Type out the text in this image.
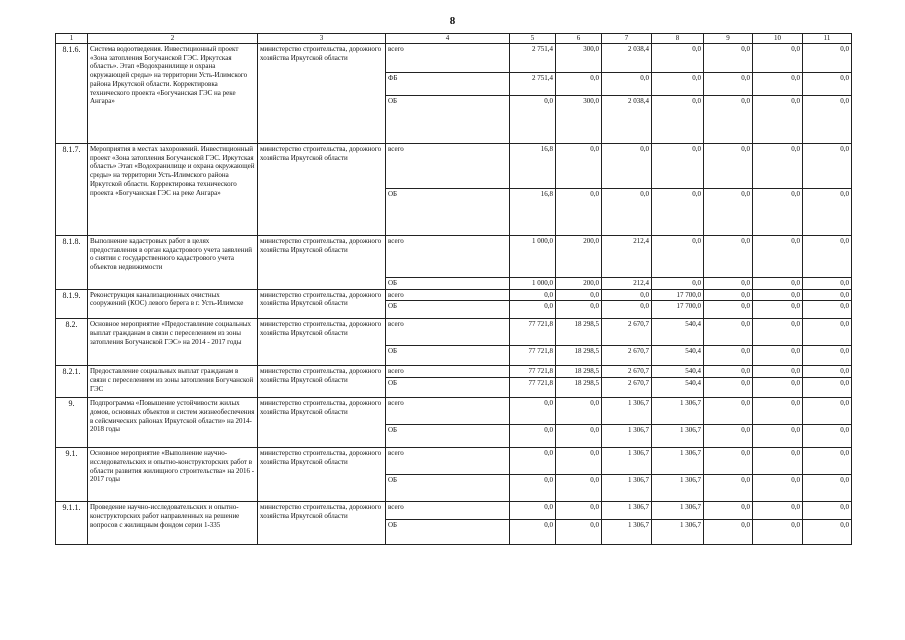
8
1	2	3	4	5	6	7	8	9	10	11
8.1.6.	Система водоотведения. Инвестиционный проект «Зона затопления Богучанской ГЭС. Иркутская область». Этап «Водохранилище и охрана окружающей среды» на территории Усть-Илимского района Иркутской области. Корректировка технического проекта «Богучанская ГЭС на реке Ангара»	министерство строительства, дорожного хозяйства Иркутской области	всего	2 751,4	300,0	2 038,4	0,0	0,0	0,0	0,0
			ФБ	2 751,4	0,0	0,0	0,0	0,0	0,0	0,0
			ОБ	0,0	300,0	2 038,4	0,0	0,0	0,0	0,0
8.1.7.	Мероприятия в местах захоронений. Инвестиционный проект «Зона затопления Богучанской ГЭС. Иркутская область» Этап «Водохранилище и охрана окружающей среды» на территории Усть-Илимского района Иркутской области. Корректировка технического проекта «Богучанская ГЭС на реке Ангара»	министерство строительства, дорожного хозяйства Иркутской области	всего	16,8	0,0	0,0	0,0	0,0	0,0	0,0
			ОБ	16,8	0,0	0,0	0,0	0,0	0,0	0,0
8.1.8.	Выполнение кадастровых работ в целях предоставления в орган кадастрового учета заявлений о снятии с государственного кадастрового учета объектов недвижимости	министерство строительства, дорожного хозяйства Иркутской области	всего	1 000,0	200,0	212,4	0,0	0,0	0,0	0,0
			ОБ	1 000,0	200,0	212,4	0,0	0,0	0,0	0,0
8.1.9.	Реконструкция канализационных очистных сооружений (КОС) левого берега в г. Усть-Илимске	министерство строительства, дорожного хозяйства Иркутской области	всего	0,0	0,0	0,0	17 700,0	0,0	0,0	0,0
			ОБ	0,0	0,0	0,0	17 700,0	0,0	0,0	0,0
8.2.	Основное мероприятие «Предоставление социальных выплат гражданам в связи с переселением из зоны затопления Богучанской ГЭС» на 2014 - 2017 годы	министерство строительства, дорожного хозяйства Иркутской области	всего	77 721,8	18 298,5	2 670,7	540,4	0,0	0,0	0,0
			ОБ	77 721,8	18 298,5	2 670,7	540,4	0,0	0,0	0,0
8.2.1.	Предоставление социальных выплат гражданам в связи с переселением из зоны затопления Богучанской ГЭС	министерство строительства, дорожного хозяйства Иркутской области	всего	77 721,8	18 298,5	2 670,7	540,4	0,0	0,0	0,0
			ОБ	77 721,8	18 298,5	2 670,7	540,4	0,0	0,0	0,0
9.	Подпрограмма «Повышение устойчивости жилых домов, основных объектов и систем жизнеобеспечения в сейсмических районах Иркутской области» на 2014-2018 годы	министерство строительства, дорожного хозяйства Иркутской области	всего	0,0	0,0	1 306,7	1 306,7	0,0	0,0	0,0
			ОБ	0,0	0,0	1 306,7	1 306,7	0,0	0,0	0,0
9.1.	Основное мероприятие «Выполнение научно-исследовательских и опытно-конструкторских работ в области развития жилищного строительства» на 2016 - 2017 годы	министерство строительства, дорожного хозяйства Иркутской области	всего	0,0	0,0	1 306,7	1 306,7	0,0	0,0	0,0
			ОБ	0,0	0,0	1 306,7	1 306,7	0,0	0,0	0,0
9.1.1.	Проведение научно-исследовательских и опытно-конструкторских работ направленных на решение вопросов с жилищным фондом серии 1-335	министерство строительства, дорожного хозяйства Иркутской области	всего	0,0	0,0	1 306,7	1 306,7	0,0	0,0	0,0
			ОБ	0,0	0,0	1 306,7	1 306,7	0,0	0,0	0,0
